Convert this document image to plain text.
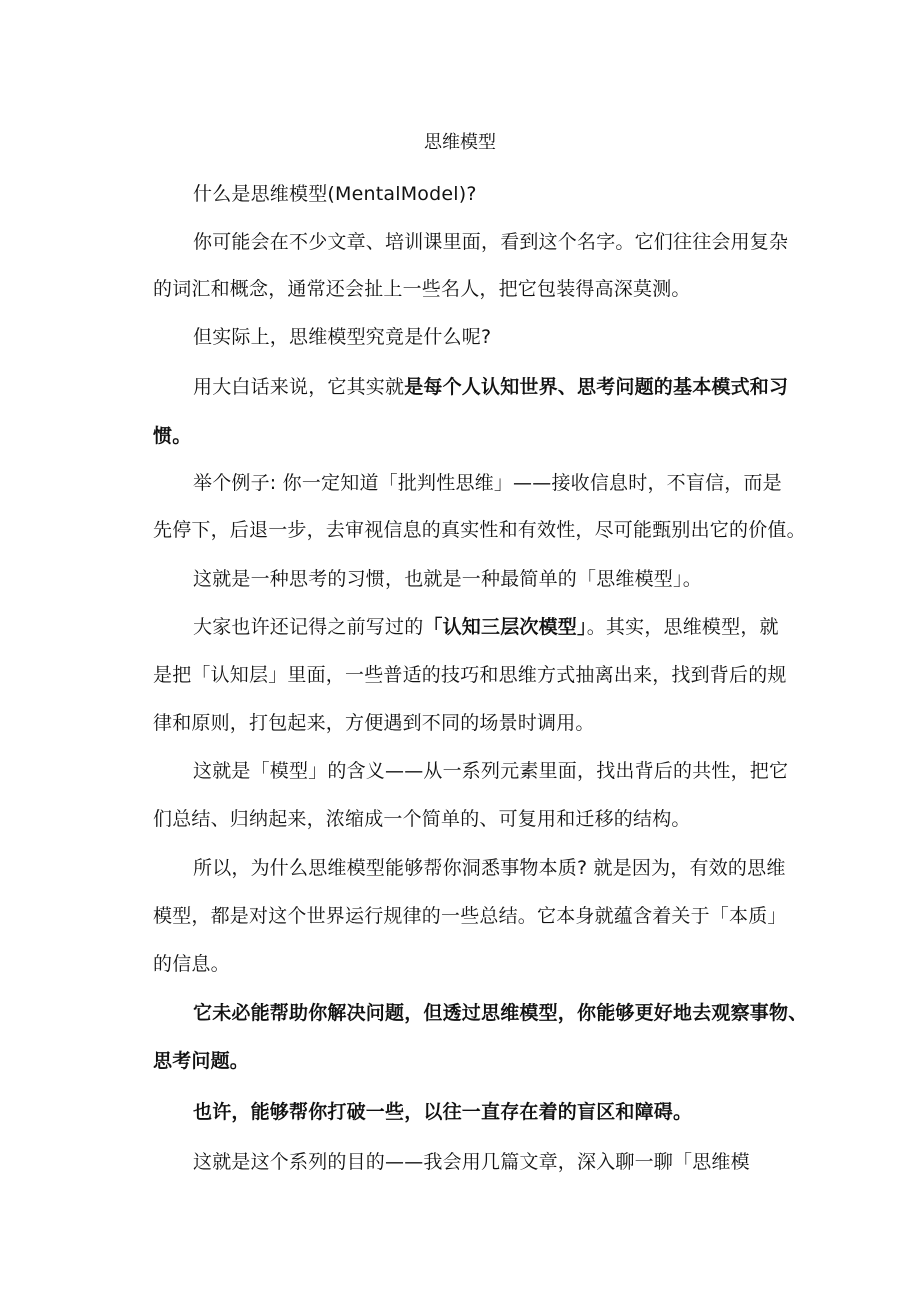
思维模型
什么是思维模型(MentalModel)?
你可能会在不少文章、培训课里面，看到这个名字。它们往往会用复杂
的词汇和概念，通常还会扯上一些名人，把它包装得高深莫测。
但实际上，思维模型究竟是什么呢?
用大白话来说，它其实就是每个人认知世界、思考问题的基本模式和习
惯。
举个例子: 你一定知道「批判性思维」——接收信息时，不盲信，而是
先停下，后退一步，去审视信息的真实性和有效性，尽可能甄别出它的价值。
这就是一种思考的习惯，也就是一种最简单的「思维模型」。
大家也许还记得之前写过的「认知三层次模型」。其实，思维模型，就
是把「认知层」里面，一些普适的技巧和思维方式抽离出来，找到背后的规
律和原则，打包起来，方便遇到不同的场景时调用。
这就是「模型」的含义——从一系列元素里面，找出背后的共性，把它
们总结、归纳起来，浓缩成一个简单的、可复用和迁移的结构。
所以，为什么思维模型能够帮你洞悉事物本质? 就是因为，有效的思维
模型，都是对这个世界运行规律的一些总结。它本身就蕴含着关于「本质」
的信息。
它未必能帮助你解决问题，但透过思维模型，你能够更好地去观察事物、
思考问题。
也许，能够帮你打破一些，以往一直存在着的盲区和障碍。
这就是这个系列的目的——我会用几篇文章，深入聊一聊「思维模
